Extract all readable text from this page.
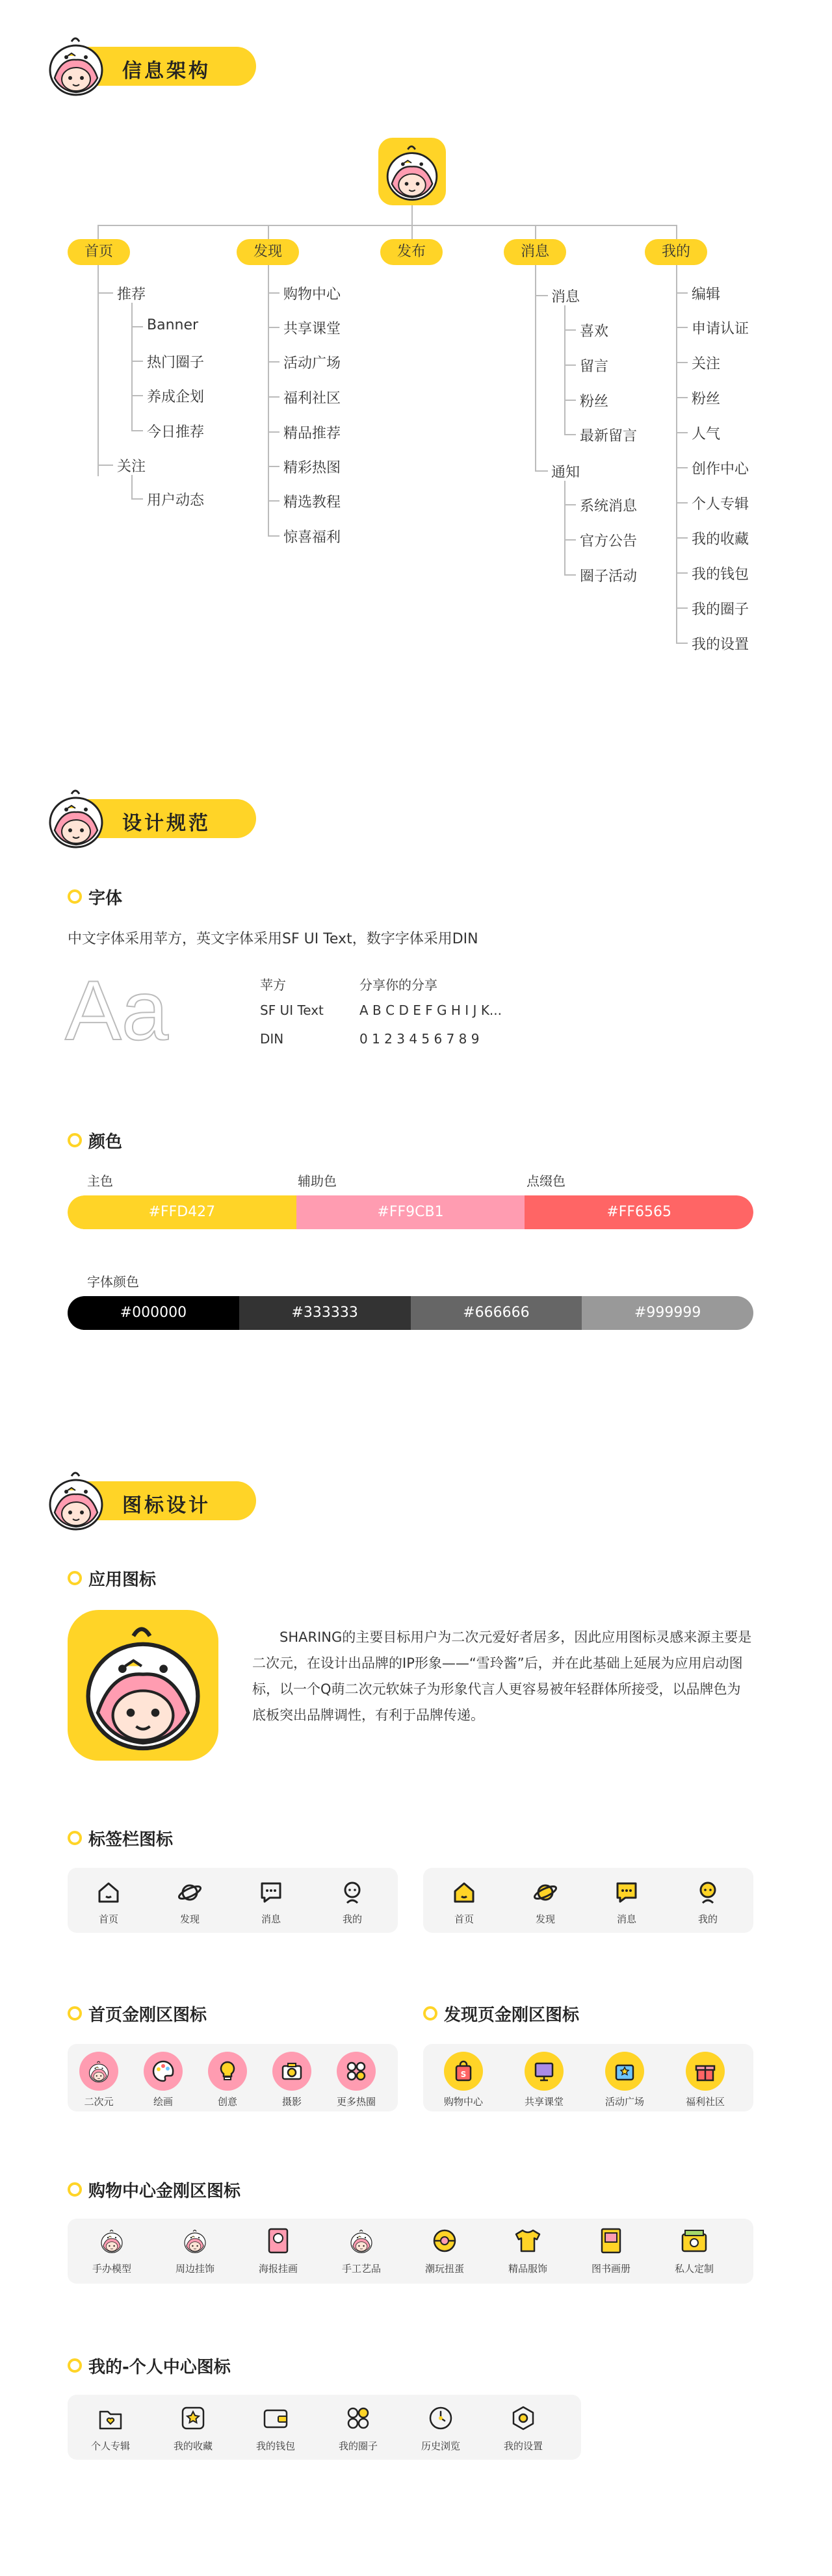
信息架构
首页	发现	发布	消息	我的
推荐
Banner
热门圈子
养成企划
今日推荐
关注
用户动态
购物中心
共享课堂
活动广场
福利社区
精品推荐
精彩热图
精选教程
惊喜福利
消息
喜欢
留言
粉丝
最新留言
通知
系统消息
官方公告
圈子活动
编辑
申请认证
关注
粉丝
人气
创作中心
个人专辑
我的收藏
我的钱包
我的圈子
我的设置
设计规范
字体
中文字体采用苹方，英文字体采用SF UI Text，数字字体采用DIN
Aa	苹方	分享你的分享
SF UI Text	A B C D E F G H I J K...
DIN	0 1 2 3 4 5 6 7 8 9
颜色
主色	辅助色	点缀色
#FFD427	#FF9CB1	#FF6565
字体颜色
#000000	#333333	#666666	#999999
图标设计
应用图标
SHARING的主要目标用户为二次元爱好者居多，因此应用图标灵感来源主要是二次元，在设计出品牌的IP形象——“雪玲酱”后，并在此基础上延展为应用启动图标，以一个Q萌二次元软妹子为形象代言人更容易被年轻群体所接受，以品牌色为底板突出品牌调性，有利于品牌传递。
标签栏图标
首页	发现	消息	我的	首页	发现	消息	我的
首页金刚区图标
二次元	绘画	创意	摄影	更多热圈
发现页金刚区图标
S
购物中心	共享课堂	活动广场	福利社区
购物中心金刚区图标
手办模型	周边挂饰	海报挂画	手工艺品	潮玩扭蛋	精品服饰	图书画册	私人定制
我的-个人中心图标
个人专辑	我的收藏	我的钱包	我的圈子	历史浏览	我的设置
